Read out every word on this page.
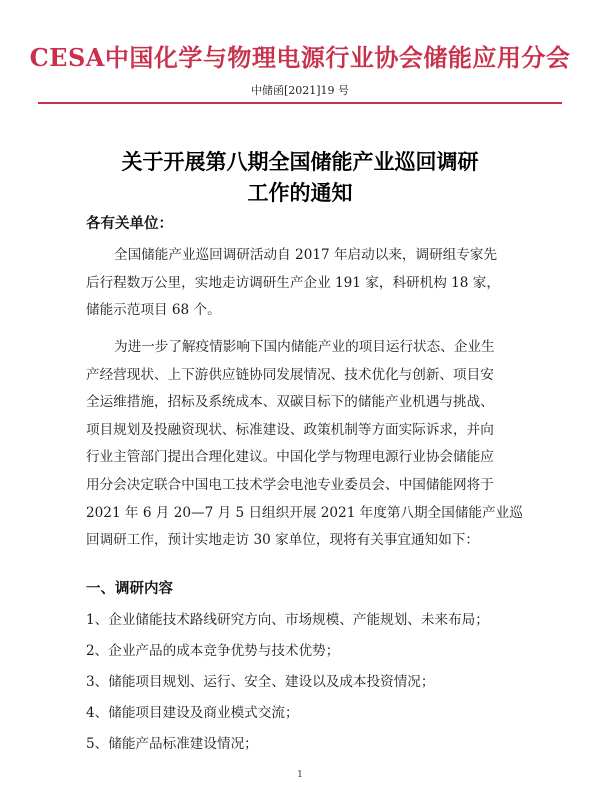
CESA中国化学与物理电源行业协会储能应用分会
中储函[2021]19 号
关于开展第八期全国储能产业巡回调研
工作的通知
各有关单位：
全国储能产业巡回调研活动自 2017 年启动以来，调研组专家先
后行程数万公里，实地走访调研生产企业 191 家，科研机构 18 家，
储能示范项目 68 个。
为进一步了解疫情影响下国内储能产业的项目运行状态、企业生
产经营现状、上下游供应链协同发展情况、技术优化与创新、项目安
全运维措施，招标及系统成本、双碳目标下的储能产业机遇与挑战、
项目规划及投融资现状、标准建设、政策机制等方面实际诉求，并向
行业主管部门提出合理化建议。中国化学与物理电源行业协会储能应
用分会决定联合中国电工技术学会电池专业委员会、中国储能网将于
2021 年 6 月 20—7 月 5 日组织开展 2021 年度第八期全国储能产业巡
回调研工作，预计实地走访 30 家单位，现将有关事宜通知如下：
一、调研内容
1、企业储能技术路线研究方向、市场规模、产能规划、未来布局；
2、企业产品的成本竞争优势与技术优势；
3、储能项目规划、运行、安全、建设以及成本投资情况；
4、储能项目建设及商业模式交流；
5、储能产品标准建设情况；
1
